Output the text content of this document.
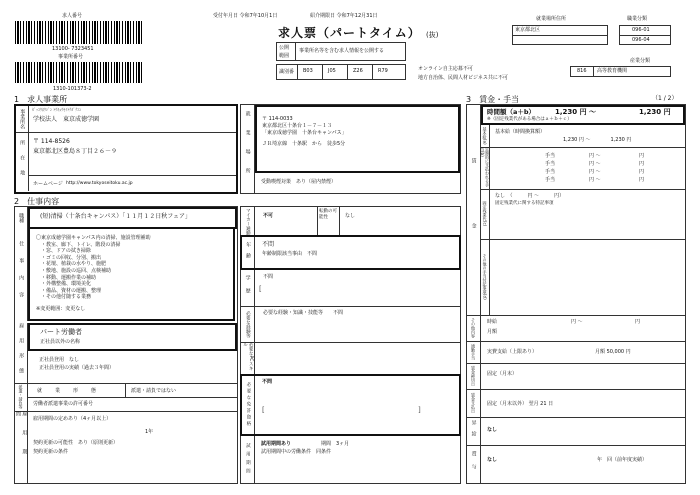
求人番号
13100- 7323451
事業所番号
1310-101373-2
受付年月日 令和7年10月1日	紹介期限日 令和7年12月31日
求人票（パートタイム） (抜)
公開範囲
事業所名等を含む求人情報を公開する
識別番 B03	J05	Z26	R79	オンライン自主応募不可
地方自治体、民間人材ビジネス共に不可
就業場所住所
東京都北区
職業分類
096-01
096-04
産業分類
816 高等教育機関
1　求人事業所
事業所名 ｶﾞｯｺｳﾎｳｼﾞﾝ ﾄｳｷｮｳｾｲﾄｸｶﾞｸｴﾝ
学校法人　東京成徳学園
所在地 〒 114-8526
東京都北区豊島８丁目２６－９
ホームページ http://www.tokyoseitoku.ac.jp	就業場所 〒 114-0033
東京都北区十条台１－７－１３
「東京成徳学園　十条台キャンパス」
ＪＲ埼京線　十条駅　から　徒歩5分
受動喫煙対策　あり（屋内禁煙）
2　仕事内容
職種	(短)清掃（十条台キャンパス）「１１月１２日秋フェア」
仕事内容
〇東京成徳学園キャンパス内の清掃、施設管理補助
・教室、廊下、トイレ、階段の清掃
・窓、ドアの拭き掃除
・ゴミの回収、分別、搬出
・花壇、植栽の水やり、施肥
・敷地、施設の巡回、点検補助
・移動、運搬作業の補助
・外構整備、環境美化
・備品、資材の運搬、整理
・その他付随する業務
※変更範囲：変更なし
雇用形態 パート労働者
正社員以外の名称
正社員登用　なし
正社員登用の実績（過去３年間）
派遣・請負等	就　業　形　態	派遣・請負ではない
労働者派遣事業の許可番号
雇用期間	雇用期間の定めあり（4ヶ月以上）
1年
契約更新の可能性　あり（原則更新）
契約更新の条件
マイカー通勤	不可
転勤の可能性	なし
年齢 不問
年齢制限該当事由　不問
学歴 不問
[
必要な経験等	必要な経験・知識・技能等　　不問
必要なPCスキル
必要な免許資格
不問
[	]
試用期間 試用期間あり	期間　3ヶ月
試用期間中の労働条件　同条件
3　賃金・手当	（1 / 2）
賃金
時間額（a＋b）	1,230 円 〜	1,230 円
※（固定残業代がある場合はａ＋ｂ＋ｃ）
基本給(a) 基本給（時間換算額）
1,230 円 〜　　　　1,230 円
定額的に支払われる手当(b)	手当	円 〜	円
手当	円 〜	円
手当	円 〜	円
手当	円 〜	円
固定残業代(c)
なし　（　　　円 〜　　　円）
固定残業代に関する特記事項
その他の手当付記事項(d)
その他内容 時給	円 〜	円
月額
通勤手当 実費支給（上限あり）	月額 50,000 円
賃金締切日 固定（月末）
賃金支払日 固定（月末以外） 翌月 21 日
昇給 なし
賞与 なし	年　回（前年度実績）
